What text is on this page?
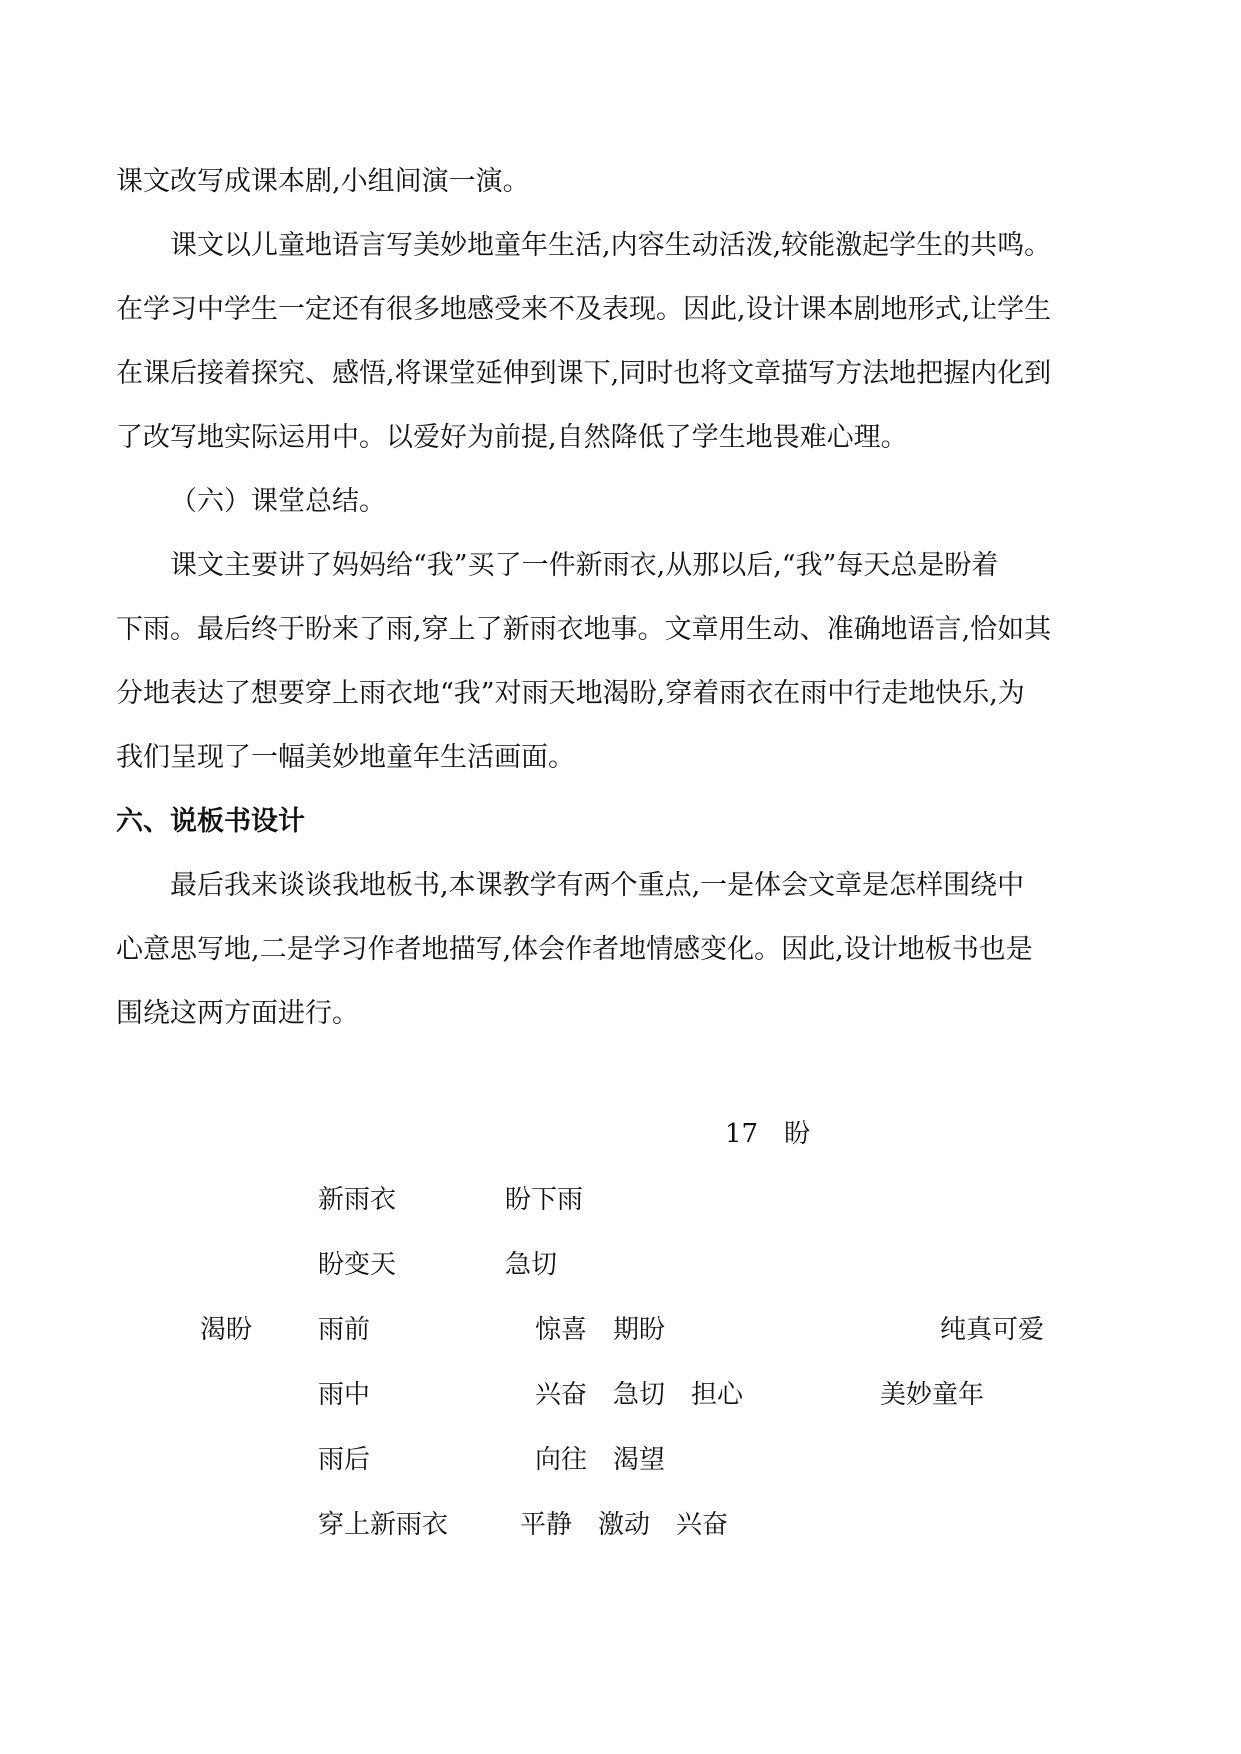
课文改写成课本剧,小组间演一演。

课文以儿童地语言写美妙地童年生活,内容生动活泼,较能激起学生的共鸣。

在学习中学生一定还有很多地感受来不及表现。因此,设计课本剧地形式,让学生

在课后接着探究、感悟,将课堂延伸到课下,同时也将文章描写方法地把握内化到

了改写地实际运用中。以爱好为前提,自然降低了学生地畏难心理。

（六）课堂总结。

课文主要讲了妈妈给“我”买了一件新雨衣,从那以后,“我”每天总是盼着

下雨。最后终于盼来了雨,穿上了新雨衣地事。文章用生动、准确地语言,恰如其

分地表达了想要穿上雨衣地“我”对雨天地渴盼,穿着雨衣在雨中行走地快乐,为

我们呈现了一幅美妙地童年生活画面。

六、说板书设计

最后我来谈谈我地板书,本课教学有两个重点,一是体会文章是怎样围绕中

心意思写地,二是学习作者地描写,体会作者地情感变化。因此,设计地板书也是

围绕这两方面进行。

17　盼
渴盼
新雨衣	盼下雨
盼变天	急切
雨前	惊喜　期盼
雨中	兴奋　急切　担心
雨后	向往　渴望
穿上新雨衣	平静　激动　兴奋
纯真可爱
美妙童年
